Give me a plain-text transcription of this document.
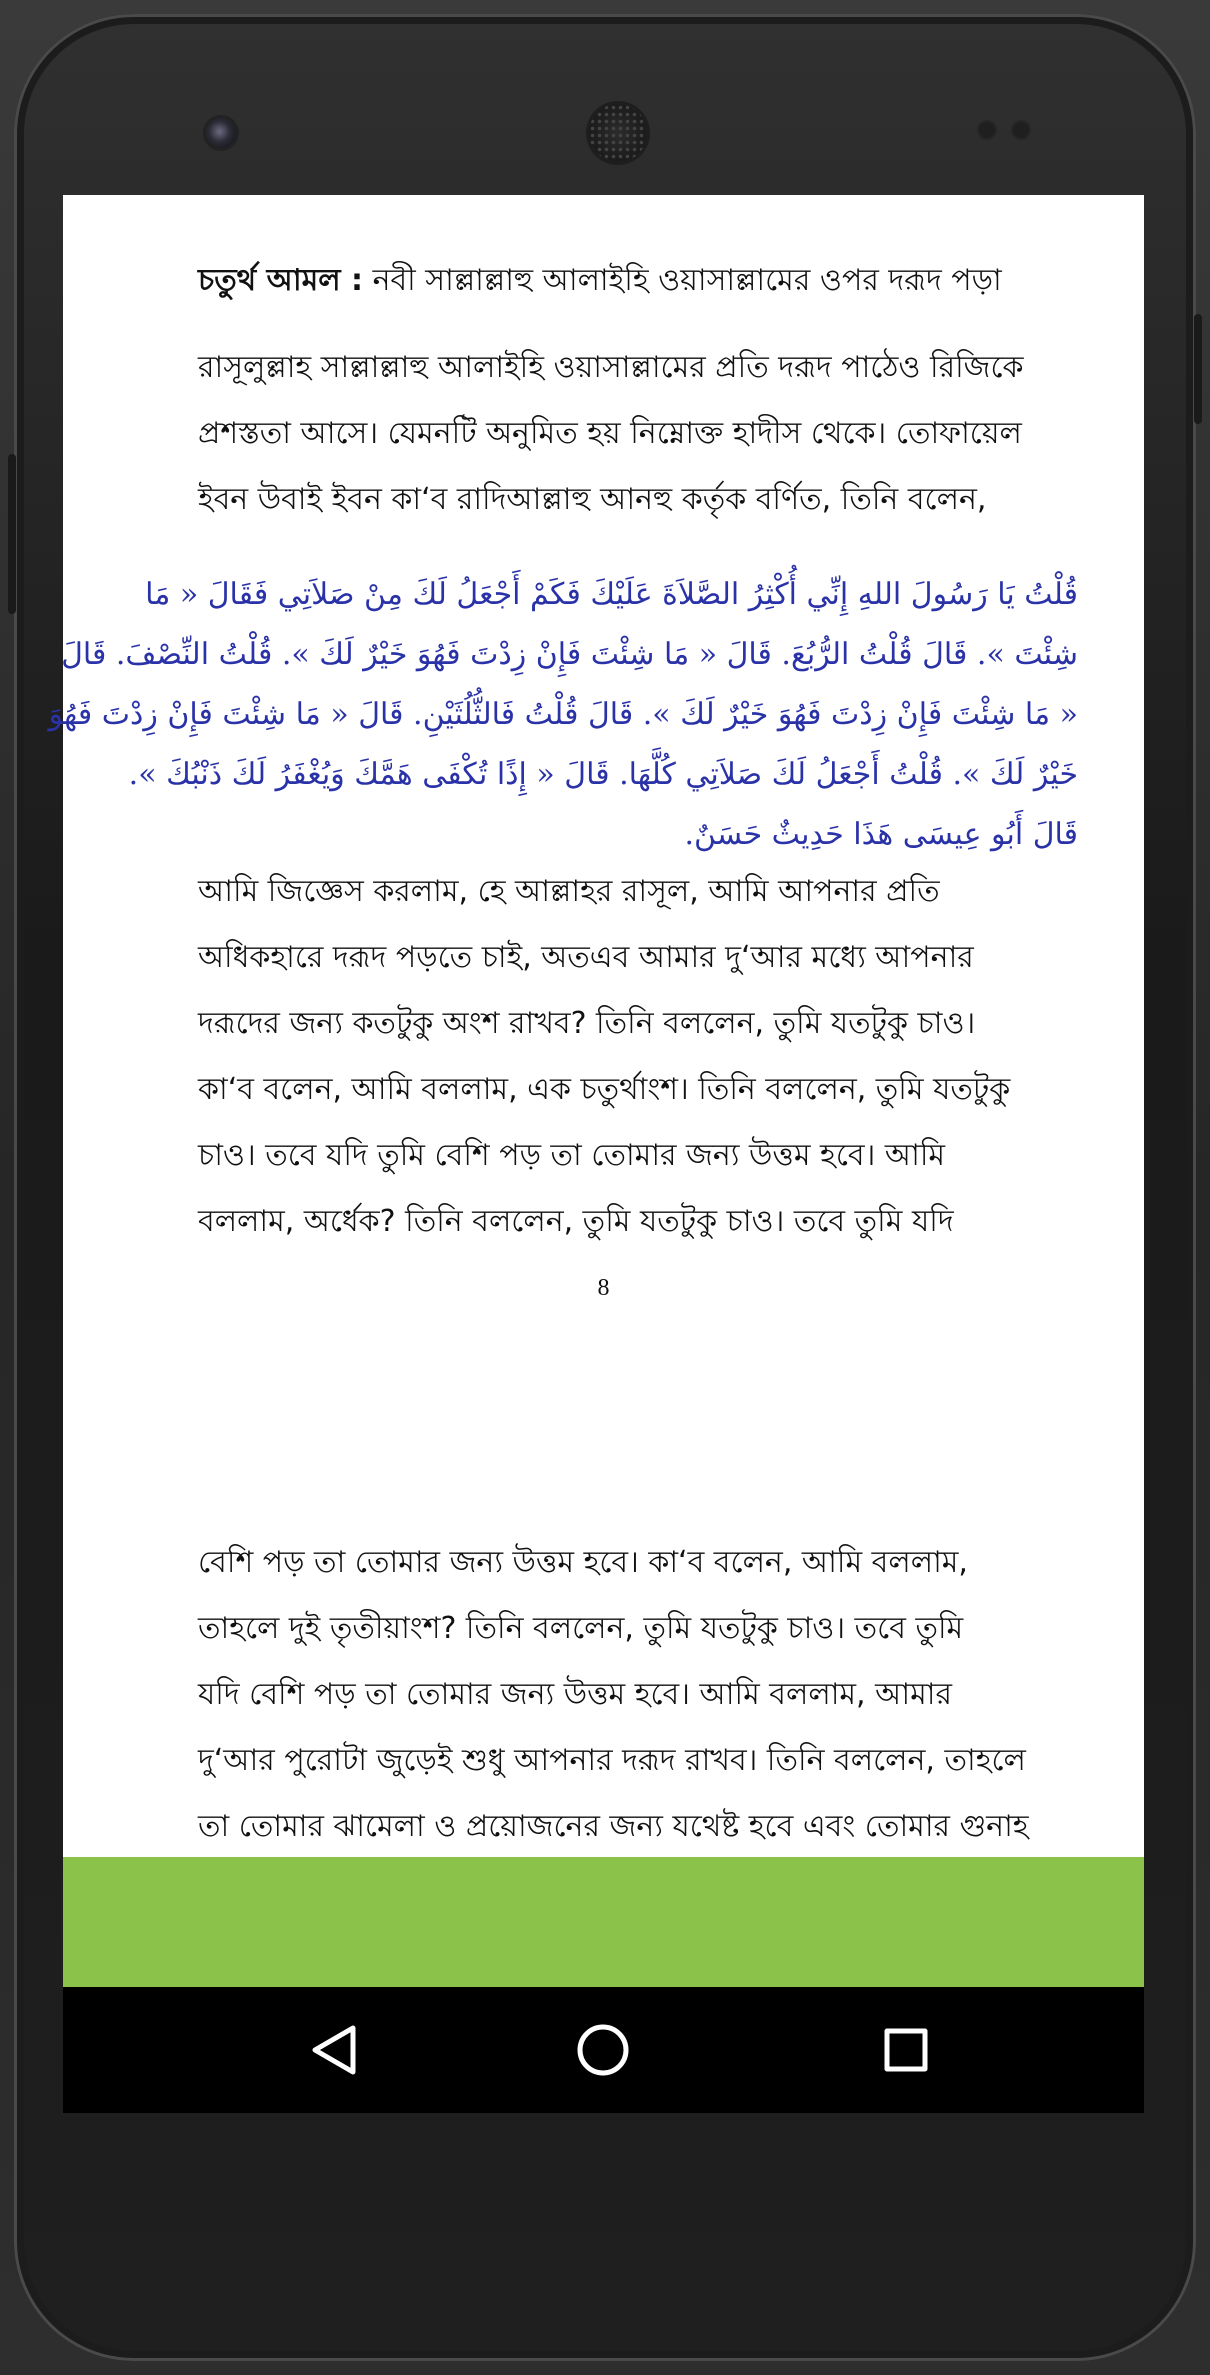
চতুর্থ আমল : নবী সাল্লাল্লাহু আলাইহি ওয়াসাল্লামের ওপর দরূদ পড়া
রাসূলুল্লাহ সাল্লাল্লাহু আলাইহি ওয়াসাল্লামের প্রতি দরূদ পাঠেও রিজিকে
প্রশস্ততা আসে। যেমনটি অনুমিত হয় নিম্নোক্ত হাদীস থেকে। তোফায়েল
ইবন উবাই ইবন কা‘ব রাদিআল্লাহু আনহু কর্তৃক বর্ণিত, তিনি বলেন,
قُلْتُ يَا رَسُولَ اللهِ إِنِّي أُكْثِرُ الصَّلاَةَ عَلَيْكَ فَكَمْ أَجْعَلُ لَكَ مِنْ صَلاَتِي فَقَالَ « مَا
شِئْتَ ». قَالَ قُلْتُ الرُّبُعَ. قَالَ « مَا شِئْتَ فَإِنْ زِدْتَ فَهُوَ خَيْرٌ لَكَ ». قُلْتُ النِّصْفَ. قَالَ
« مَا شِئْتَ فَإِنْ زِدْتَ فَهُوَ خَيْرٌ لَكَ ». قَالَ قُلْتُ فَالثُّلُثَيْنِ. قَالَ « مَا شِئْتَ فَإِنْ زِدْتَ فَهُوَ
خَيْرٌ لَكَ ». قُلْتُ أَجْعَلُ لَكَ صَلاَتِي كُلَّهَا. قَالَ « إِذًا تُكْفَى هَمَّكَ وَيُغْفَرُ لَكَ ذَنْبُكَ ».
قَالَ أَبُو عِيسَى هَذَا حَدِيثٌ حَسَنٌ.
আমি জিজ্ঞেস করলাম, হে আল্লাহর রাসূল, আমি আপনার প্রতি
অধিকহারে দরূদ পড়তে চাই, অতএব আমার দু‘আর মধ্যে আপনার
দরূদের জন্য কতটুকু অংশ রাখব? তিনি বললেন, তুমি যতটুকু চাও।
কা‘ব বলেন, আমি বললাম, এক চতুর্থাংশ। তিনি বললেন, তুমি যতটুকু
চাও। তবে যদি তুমি বেশি পড় তা তোমার জন্য উত্তম হবে। আমি
বললাম, অর্ধেক? তিনি বললেন, তুমি যতটুকু চাও। তবে তুমি যদি
8
বেশি পড় তা তোমার জন্য উত্তম হবে। কা‘ব বলেন, আমি বললাম,
তাহলে দুই তৃতীয়াংশ? তিনি বললেন, তুমি যতটুকু চাও। তবে তুমি
যদি বেশি পড় তা তোমার জন্য উত্তম হবে। আমি বললাম, আমার
দু‘আর পুরোটা জুড়েই শুধু আপনার দরূদ রাখব। তিনি বললেন, তাহলে
তা তোমার ঝামেলা ও প্রয়োজনের জন্য যথেষ্ট হবে এবং তোমার গুনাহ
